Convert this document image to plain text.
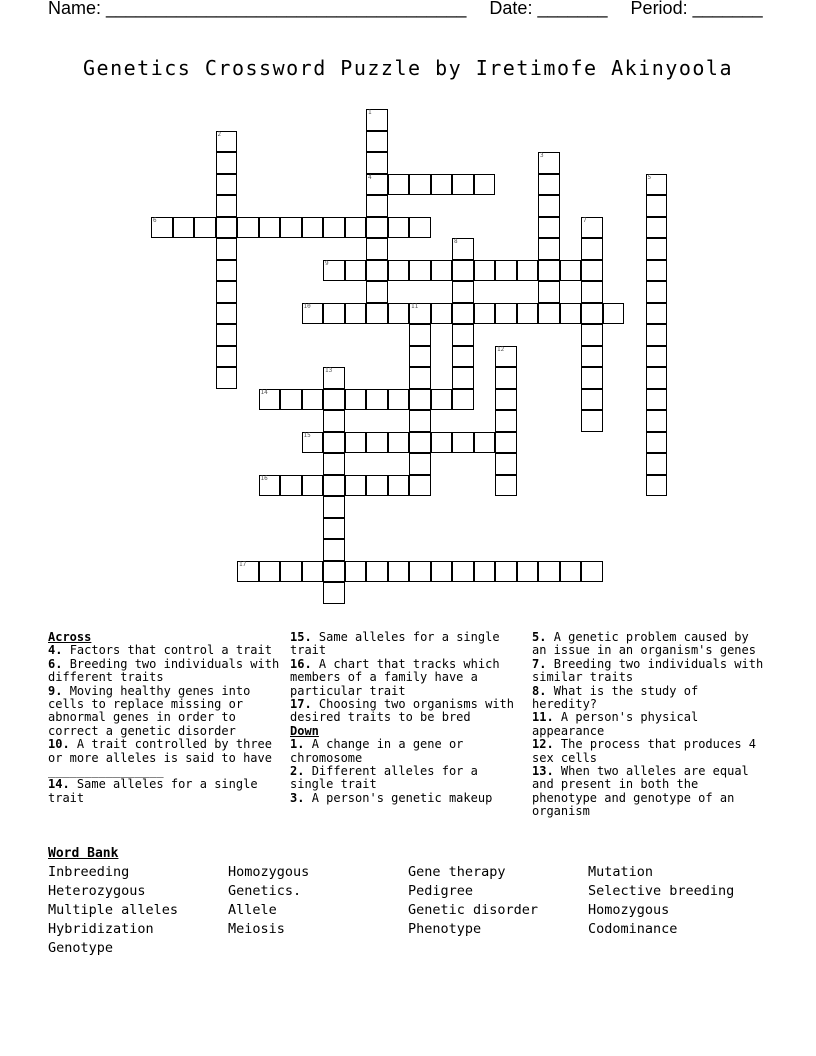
Name: ____________________________________ Date: _______ Period: _______
Genetics Crossword Puzzle by Iretimofe Akinyoola
1
4
2
3
5
6	7
8
9
10	11
12
13
14
15
16
17
Across
4. Factors that control a trait
6. Breeding two individuals with different traits
9. Moving healthy genes into cells to replace missing or abnormal genes in order to correct a genetic disorder
10. A trait controlled by three or more alleles is said to have ________________
14. Same alleles for a single trait
15. Same alleles for a single trait
16. A chart that tracks which members of a family have a particular trait
17. Choosing two organisms with desired traits to be bred
Down
1. A change in a gene or chromosome
2. Different alleles for a single trait
3. A person's genetic makeup
5. A genetic problem caused by an issue in an organism's genes
7. Breeding two individuals with similar traits
8. What is the study of heredity?
11. A person's physical appearance
12. The process that produces 4 sex cells
13. When two alleles are equal and present in both the phenotype and genotype of an organism
Word Bank
Inbreeding	Homozygous	Gene therapy	Mutation
Heterozygous	Genetics.	Pedigree	Selective breeding
Multiple alleles	Allele	Genetic disorder	Homozygous
Hybridization	Meiosis	Phenotype	Codominance
Genotype
